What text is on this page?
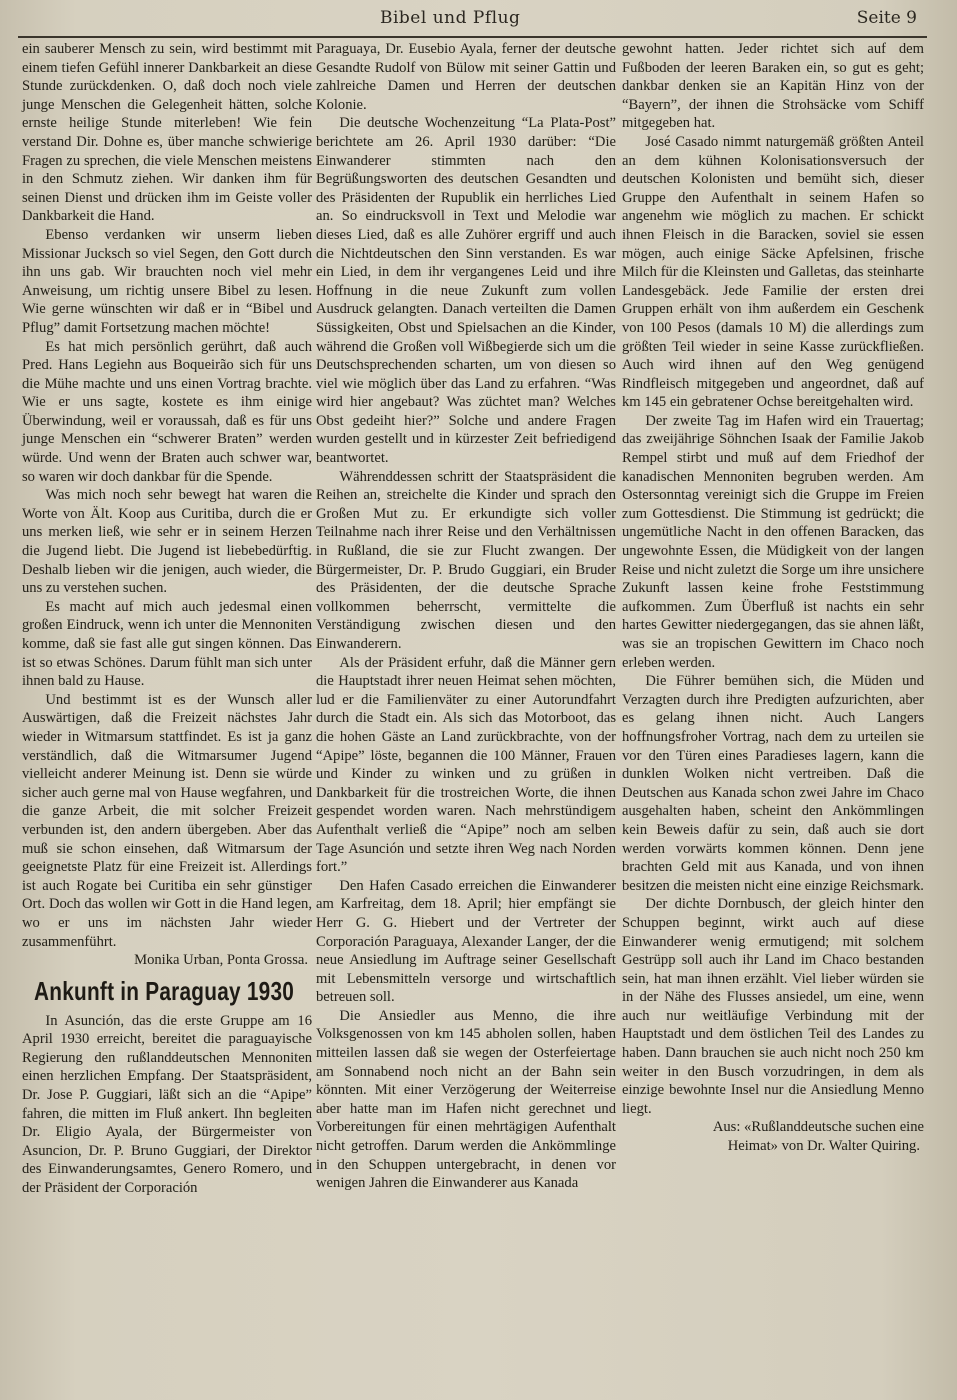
Bibel und Pflug	Seite 9

ein sauberer Mensch zu sein, wird bestimmt mit einem tiefen Gefühl innerer Dankbarkeit an diese Stunde zurückdenken. O, daß doch noch viele junge Menschen die Gelegenheit hätten, solche ernste heilige Stunde miterleben! Wie fein verstand Dir. Dohne es, über manche schwierige Fragen zu sprechen, die viele Menschen meistens in den Schmutz ziehen. Wir danken ihm für seinen Dienst und drücken ihm im Geiste voller Dankbarkeit die Hand.

Ebenso verdanken wir unserm lieben Missionar Jucksch so viel Segen, den Gott durch ihn uns gab. Wir brauchten noch viel mehr Anweisung, um richtig unsere Bibel zu lesen. Wie gerne wünschten wir daß er in “Bibel und Pflug” damit Fortsetzung machen möchte!

Es hat mich persönlich gerührt, daß auch Pred. Hans Legiehn aus Boqueirão sich für uns die Mühe machte und uns einen Vortrag brachte. Wie er uns sagte, kostete es ihm einige Überwindung, weil er voraussah, daß es für uns junge Menschen ein “schwerer Braten” werden würde. Und wenn der Braten auch schwer war, so waren wir doch dankbar für die Spende.

Was mich noch sehr bewegt hat waren die Worte von Ält. Koop aus Curitiba, durch die er uns merken ließ, wie sehr er in seinem Herzen die Jugend liebt. Die Jugend ist liebebedürftig. Deshalb lieben wir die jenigen, auch wieder, die uns zu verstehen suchen.

Es macht auf mich auch jedesmal einen großen Eindruck, wenn ich unter die Mennoniten komme, daß sie fast alle gut singen können. Das ist so etwas Schönes. Darum fühlt man sich unter ihnen bald zu Hause.

Und bestimmt ist es der Wunsch aller Auswärtigen, daß die Freizeit nächstes Jahr wieder in Witmarsum stattfindet. Es ist ja ganz verständlich, daß die Witmarsumer Jugend vielleicht anderer Meinung ist. Denn sie würde sicher auch gerne mal von Hause wegfahren, und die ganze Arbeit, die mit solcher Freizeit verbunden ist, den andern übergeben. Aber das muß sie schon einsehen, daß Witmarsum der geeignetste Platz für eine Freizeit ist. Allerdings ist auch Rogate bei Curitiba ein sehr günstiger Ort. Doch das wollen wir Gott in die Hand legen, wo er uns im nächsten Jahr wieder zusammenführt.

Monika Urban, Ponta Grossa.

Ankunft in Paraguay 1930

In Asunción, das die erste Gruppe am 16 April 1930 erreicht, bereitet die paraguayische Regierung den rußlanddeutschen Mennoniten einen herzlichen Empfang. Der Staatspräsident, Dr. Jose P. Guggiari, läßt sich an die “Apipe” fahren, die mitten im Fluß ankert. Ihn begleiten Dr. Eligio Ayala, der Bürgermeister von Asuncion, Dr. P. Bruno Guggiari, der Direktor des Einwanderungsamtes, Genero Romero, und der Präsident der Corporación

Paraguaya, Dr. Eusebio Ayala, ferner der deutsche Gesandte Rudolf von Bülow mit seiner Gattin und zahlreiche Damen und Herren der deutschen Kolonie.

Die deutsche Wochenzeitung “La Plata-Post” berichtete am 26. April 1930 darüber: “Die Einwanderer stimmten nach den Begrüßungsworten des deutschen Gesandten und des Präsidenten der Rupublik ein herrliches Lied an. So eindrucksvoll in Text und Melodie war dieses Lied, daß es alle Zuhörer ergriff und auch die Nichtdeutschen den Sinn verstanden. Es war ein Lied, in dem ihr vergangenes Leid und ihre Hoffnung in die neue Zukunft zum vollen Ausdruck gelangten. Danach verteilten die Damen Süssigkeiten, Obst und Spielsachen an die Kinder, während die Großen voll Wißbegierde sich um die Deutschsprechenden scharten, um von diesen so viel wie möglich über das Land zu erfahren. “Was wird hier angebaut? Was züchtet man? Welches Obst gedeiht hier?” Solche und andere Fragen wurden gestellt und in kürzester Zeit befriedigend beantwortet.

Währenddessen schritt der Staatspräsident die Reihen an, streichelte die Kinder und sprach den Großen Mut zu. Er erkundigte sich voller Teilnahme nach ihrer Reise und den Verhältnissen in Rußland, die sie zur Flucht zwangen. Der Bürgermeister, Dr. P. Brudo Guggiari, ein Bruder des Präsidenten, der die deutsche Sprache vollkommen beherrscht, vermittelte die Verständigung zwischen diesen und den Einwanderern.

Als der Präsident erfuhr, daß die Männer gern die Hauptstadt ihrer neuen Heimat sehen möchten, lud er die Familienväter zu einer Autorundfahrt durch die Stadt ein. Als sich das Motorboot, das die hohen Gäste an Land zurückbrachte, von der “Apipe” löste, begannen die 100 Männer, Frauen und Kinder zu winken und zu grüßen in Dankbarkeit für die trostreichen Worte, die ihnen gespendet worden waren. Nach mehrstündigem Aufenthalt verließ die “Apipe” noch am selben Tage Asunción und setzte ihren Weg nach Norden fort.”

Den Hafen Casado erreichen die Einwanderer am Karfreitag, dem 18. April; hier empfängt sie Herr G. G. Hiebert und der Vertreter der Corporación Paraguaya, Alexander Langer, der die neue Ansiedlung im Auftrage seiner Gesellschaft mit Lebensmitteln versorge und wirtschaftlich betreuen soll.

Die Ansiedler aus Menno, die ihre Volksgenossen von km 145 abholen sollen, haben mitteilen lassen daß sie wegen der Osterfeiertage am Sonnabend noch nicht an der Bahn sein könnten. Mit einer Verzögerung der Weiterreise aber hatte man im Hafen nicht gerechnet und Vorbereitungen für einen mehrtägigen Aufenthalt nicht getroffen. Darum werden die Ankömmlinge in den Schuppen untergebracht, in denen vor wenigen Jahren die Einwanderer aus Kanada

gewohnt hatten. Jeder richtet sich auf dem Fußboden der leeren Baraken ein, so gut es geht; dankbar denken sie an Kapitän Hinz von der “Bayern”, der ihnen die Strohsäcke vom Schiff mitgegeben hat.

José Casado nimmt naturgemäß größten Anteil an dem kühnen Kolonisationsversuch der deutschen Kolonisten und bemüht sich, dieser Gruppe den Aufenthalt in seinem Hafen so angenehm wie möglich zu machen. Er schickt ihnen Fleisch in die Baracken, soviel sie essen mögen, auch einige Säcke Apfelsinen, frische Milch für die Kleinsten und Galletas, das steinharte Landesgebäck. Jede Familie der ersten drei Gruppen erhält von ihm außerdem ein Geschenk von 100 Pesos (damals 10 M) die allerdings zum größten Teil wieder in seine Kasse zurückfließen. Auch wird ihnen auf den Weg genügend Rindfleisch mitgegeben und angeordnet, daß auf km 145 ein gebratener Ochse bereitgehalten wird.

Der zweite Tag im Hafen wird ein Trauertag; das zweijährige Söhnchen Isaak der Familie Jakob Rempel stirbt und muß auf dem Friedhof der kanadischen Mennoniten begruben werden. Am Ostersonntag vereinigt sich die Gruppe im Freien zum Gottesdienst. Die Stimmung ist gedrückt; die ungemütliche Nacht in den offenen Baracken, das ungewohnte Essen, die Müdigkeit von der langen Reise und nicht zuletzt die Sorge um ihre unsichere Zukunft lassen keine frohe Feststimmung aufkommen. Zum Überfluß ist nachts ein sehr hartes Gewitter niedergegangen, das sie ahnen läßt, was sie an tropischen Gewittern im Chaco noch erleben werden.

Die Führer bemühen sich, die Müden und Verzagten durch ihre Predigten aufzurichten, aber es gelang ihnen nicht. Auch Langers hoffnungsfroher Vortrag, nach dem zu urteilen sie vor den Türen eines Paradieses lagern, kann die dunklen Wolken nicht vertreiben. Daß die Deutschen aus Kanada schon zwei Jahre im Chaco ausgehalten haben, scheint den Ankömmlingen kein Beweis dafür zu sein, daß auch sie dort werden vorwärts kommen können. Denn jene brachten Geld mit aus Kanada, und von ihnen besitzen die meisten nicht eine einzige Reichsmark.

Der dichte Dornbusch, der gleich hinter den Schuppen beginnt, wirkt auch auf diese Einwanderer wenig ermutigend; mit solchem Gestrüpp soll auch ihr Land im Chaco bestanden sein, hat man ihnen erzählt. Viel lieber würden sie in der Nähe des Flusses ansiedel, um eine, wenn auch nur weitläufige Verbindung mit der Hauptstadt und dem östlichen Teil des Landes zu haben. Dann brauchen sie auch nicht noch 250 km weiter in den Busch vorzudringen, in dem als einzige bewohnte Insel nur die Ansiedlung Menno liegt.

Aus: «Rußlanddeutsche suchen eine

Heimat» von Dr. Walter Quiring.
